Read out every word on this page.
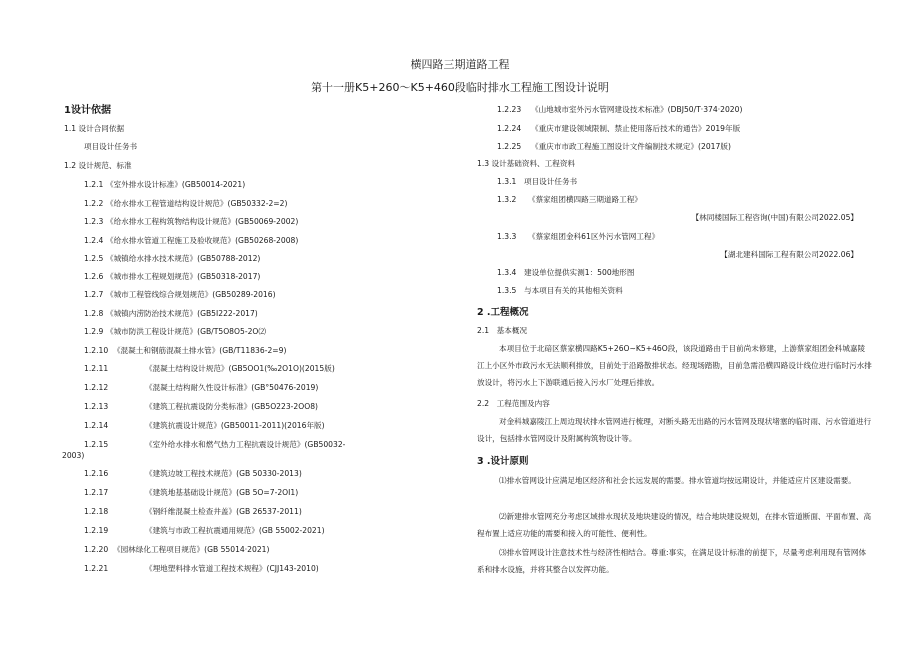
横四路三期道路工程
第十一册K5+260～K5+460段临时排水工程施工图设计说明
1设计依据
1.1 设计合同依据
项目设计任务书
1.2 设计规范、标准
1.2.1 《室外排水设计标准》(GB50014-2021)
1.2.2 《给水排水工程管道结构设计规范》(GB50332-2=2)
1.2.3 《给水排水工程构筑物结构设计规范》(GB50069-2002)
1.2.4 《给水排水管道工程施工及验收规范》(GB50268-2008)
1.2.5 《城镇给水排水技术规范》(GB50788-2012)
1.2.6 《城市排水工程规划规范》(GB50318-2017)
1.2.7 《城市工程管线综合规划规范》(GB50289-2016)
1.2.8 《城镇内涝防治技术规范》(GB5I222-2017)
1.2.9 《城市防洪工程设计规范》(GB/T5O8O5-2O⑵
1.2.10 《混凝土和钢筋混凝土排水管》(GB/T11836-2=9)
1.2.11	《混凝土结构设计规范》(GB5OO1(‰2O1O)(2015版)
1.2.12	《混凝土结构耐久性设计标准》(GB°50476-2019)
1.2.13	《建筑工程抗震设防分类标准》(GB5O223-2OO8)
1.2.14	《建筑抗震设计规范》(GB50011-2011)(2016年版)
1.2.15	《室外给水排水和燃气热力工程抗震设计规范》(GB50032-
2003)
1.2.16	《建筑边坡工程技术规范》(GB 50330-2013)
1.2.17	《建筑地基基础设计规范》(GB 5O=7-2OI1)
1.2.18	《钢纤维混凝土检查井盖》(GB 26537-2011)
1.2.19	《建筑与市政工程抗震通用规范》(GB 55002-2021)
1.2.20 《园林绿化工程项目规范》(GB 55014·2021)
1.2.21	《埋地塑料排水管道工程技术规程》(CJJ143-2010)
1.2.23 《山地城市室外污水管网建设技术标准》(DBJ50/T·374·2020)
1.2.24 《重庆市建设领域限制、禁止使用落后技术的通告》2019年版
1.2.25 《重庆市市政工程施工图设计文件编制技术规定》(2017版)
1.3 设计基础资料、工程资料
1.3.1 项目设计任务书
1.3.2 《蔡家组团横四路三期道路工程》
【林同楼国际工程咨询(中国)有限公司2022.05】
1.3.3 《蔡家组团金科61区外污水管网工程》
【湖北建科国际工程有限公司2022.06】
1.3.4 建设单位提供实测1：500地形图
1.3.5 与本项目有关的其他相关资料
2 .工程概况
2.1　基本概况
本项目位于北碚区蔡家横四路K5+26O~K5+46O段，该段道路由于目前尚未修建，上游蔡家组团金科城嘉陵江上小区外市政污水无法顺利排放，目前处于沿路散排状态。经现场踏勘，目前急需沿横四路设计线位进行临时污水排放设计，将污水上下游联通后接入污水厂处理后排放。
2.2　工程范围及内容
对金科城嘉陵江上周边现状排水管网进行梳理，对断头路无出路的污水管网及现状堵塞的临时雨、污水管道进行设计，包括排水管网设计及附属构筑物设计等。
3 .设计原则
⑴排水管网设计应满足地区经济和社会长远发展的需要。排水管道均按远期设计，并能适应片区建设需要。
⑵新建排水管网充分考虑区域排水现状及地块建设的情况，结合地块建设规划，在排水管道断面、平面布置、高程布置上适应功能的需要和接入的可能性、便利性。
⑶排水管网设计注意技术性与经济性相结合。尊重:事实，在满足设计标准的前提下，尽量考虑利用现有管网体系和排水设施，并将其整合以发挥功能。
